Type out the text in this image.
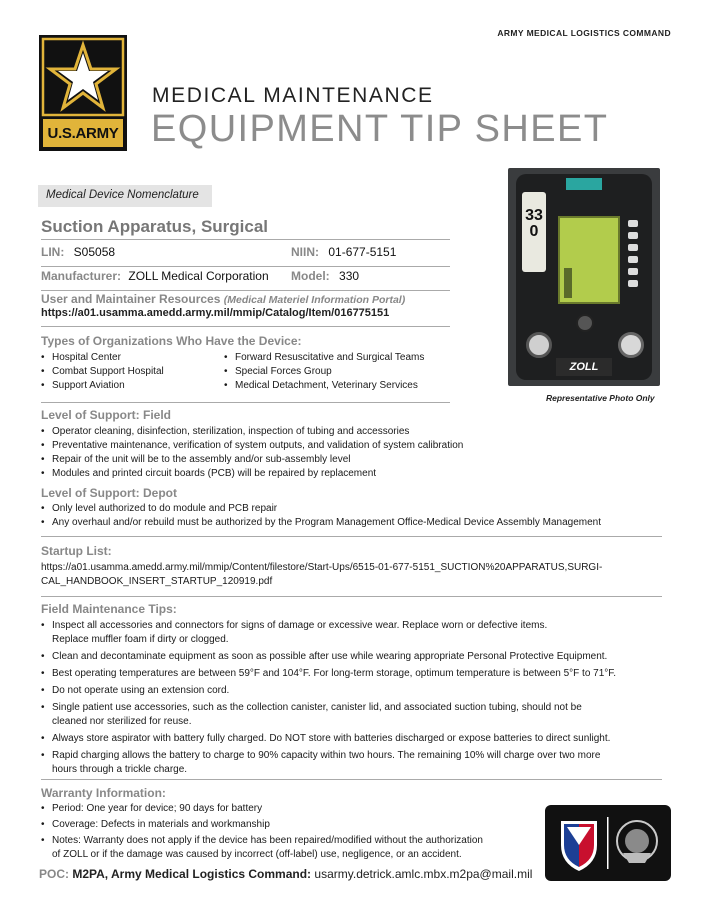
ARMY MEDICAL LOGISTICS COMMAND
U.S.ARMY
MEDICAL MAINTENANCE
EQUIPMENT TIP SHEET
Medical Device Nomenclature
Suction Apparatus, Surgical
LIN: S05058	NIIN: 01-677-5151
Manufacturer: ZOLL Medical Corporation Model: 330
User and Maintainer Resources (Medical Materiel Information Portal)
https://a01.usamma.amedd.army.mil/mmip/Catalog/Item/016775151
Types of Organizations Who Have the Device:
• Hospital Center
• Combat Support Hospital
• Support Aviation
• Forward Resuscitative and Surgical Teams
• Special Forces Group
• Medical Detachment, Veterinary Services
Level of Support: Field
• Operator cleaning, disinfection, sterilization, inspection of tubing and accessories
• Preventative maintenance, verification of system outputs, and validation of system calibration
• Repair of the unit will be to the assembly and/or sub-assembly level
• Modules and printed circuit boards (PCB) will be repaired by replacement
Level of Support: Depot
• Only level authorized to do module and PCB repair
• Any overhaul and/or rebuild must be authorized by the Program Management Office-Medical Device Assembly Management
Startup List:
https://a01.usamma.amedd.army.mil/mmip/Content/filestore/Start-Ups/6515-01-677-5151_SUCTION%20APPARATUS,SURGI-
CAL_HANDBOOK_INSERT_STARTUP_120919.pdf
Field Maintenance Tips:
• Inspect all accessories and connectors for signs of damage or excessive wear. Replace worn or defective items.
Replace muffler foam if dirty or clogged.
• Clean and decontaminate equipment as soon as possible after use while wearing appropriate Personal Protective Equipment.
• Best operating temperatures are between 59°F and 104°F. For long-term storage, optimum temperature is between 5°F to 71°F.
• Do not operate using an extension cord.
• Single patient use accessories, such as the collection canister, canister lid, and associated suction tubing, should not be
cleaned nor sterilized for reuse.
• Always store aspirator with battery fully charged. Do NOT store with batteries discharged or expose batteries to direct sunlight.
• Rapid charging allows the battery to charge to 90% capacity within two hours. The remaining 10% will charge over two more
hours through a trickle charge.
Warranty Information:
• Period: One year for device; 90 days for battery
• Coverage: Defects in materials and workmanship
• Notes: Warranty does not apply if the device has been repaired/modified without the authorization
of ZOLL or if the damage was caused by incorrect (off-label) use, negligence, or an accident.
POC: M2PA, Army Medical Logistics Command: usarmy.detrick.amlc.mbx.m2pa@mail.mil
330
ZOLL
Representative Photo Only
